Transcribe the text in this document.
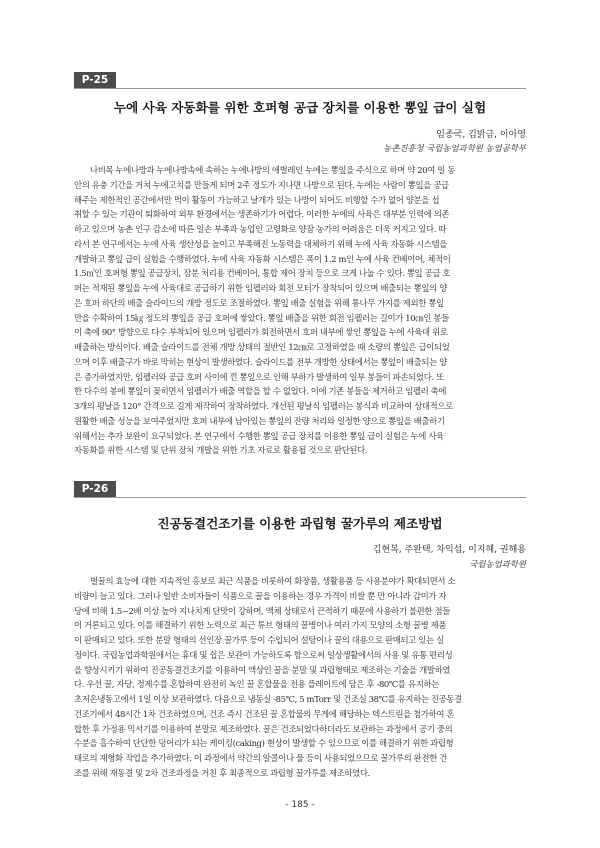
P-25
누에 사육 자동화를 위한 호퍼형 공급 장치를 이용한 뽕잎 급이 실험
임종국, 김밝금, 이아영
농촌진흥청 국립농업과학원 농업공학부
나비목 누에나방과 누에나방속에 속하는 누에나방의 애벌레인 누에는 뽕잎을 주식으로 하며 약 20여 일 동
안의 유충 기간을 거쳐 누에고치를 만들게 되며 2주 정도가 지나면 나방으로 된다. 누에는 사람이 뽕잎을 공급
해주는 제한적인 공간에서만 먹이 활동이 가능하고 날개가 있는 나방이 되어도 비행할 수가 없어 양분을 섭
취할 수 있는 기관이 퇴화하여 외부 환경에서는 생존하기가 어렵다. 이러한 누에의 사육은 대부분 인력에 의존
하고 있으며 농촌 인구 감소에 따른 일손 부족과 농업인 고령화로 양잠 농가의 어려움은 더욱 커지고 있다. 따
라서 본 연구에서는 누에 사육 생산성을 높이고 부족해진 노동력을 대체하기 위해 누에 사육 자동화 시스템을
개발하고 뽕잎 급이 실험을 수행하였다. 누에 사육 자동화 시스템은 폭이 1.2 m인 누에 사육 컨베이어, 체적이
1.5㎥인 호퍼형 뽕잎 공급장치, 잠분 처리용 컨베이어, 통합 제어 장치 등으로 크게 나눌 수 있다. 뽕잎 공급 호
퍼는 적재된 뽕잎을 누에 사육대로 공급하기 위한 임펠러와 회전 모터가 장착되어 있으며 배출되는 뽕잎의 양
은 호퍼 하단의 배출 슬라이드의 개방 정도로 조절하였다. 뽕잎 배출 실험을 위해 통나무 가지를 제외한 뽕잎
만을 수확하여 15㎏ 정도의 뽕잎을 공급 호퍼에 쌓았다. 뽕잎 배출을 위한 회전 임펠러는 길이가 10㎝인 봉들
이 축에 90° 방향으로 다수 부착되어 있으며 임펠러가 회전하면서 호퍼 내부에 쌓인 뽕잎을 누에 사육대 위로
배출하는 방식이다. 배출 슬라이드를 전체 개방 상태의 절반인 12㎝로 고정하였을 때 소량의 뽕잎은 급이되었
으며 이후 배출구가 바로 막히는 현상이 발생하였다. 슬라이드를 전부 개방한 상태에서는 뽕잎이 배출되는 양
은 증가하였지만, 임펠러와 공급 호퍼 사이에 낀 뽕잎으로 인해 부하가 발생하여 일부 봉들이 파손되었다. 또
한 다수의 봉에 뽕잎이 꽂히면서 임펠러가 배출 역할을 할 수 없었다. 이에 기존 봉들을 제거하고 임펠러 축에
3개의 평날을 120° 간격으로 길게 제작하여 장착하였다. 개선된 평날식 임펠러는 봉식과 비교하여 상대적으로
원활한 배출 성능을 보여주었지만 호퍼 내부에 남아있는 뽕잎의 잔량 처리와 일정한 양으로 뽕잎을 배출하기
위해서는 추가 보완이 요구되었다. 본 연구에서 수행한 뽕잎 공급 장치를 이용한 뽕잎 급이 실험은 누에 사육
자동화를 위한 시스템 및 단위 장치 개발을 위한 기초 자료로 활용될 것으로 판단된다.
P-26
진공동결건조기를 이용한 과립형 꿀가루의 제조방법
김현복, 주완택, 차익섭, 이지혜, 권해용
국립농업과학원
벌꿀의 효능에 대한 지속적인 홍보로 최근 식품을 비롯하여 화장품, 생활용품 등 사용분야가 확대되면서 소
비량이 늘고 있다. 그러나 일반 소비자들이 식품으로 꿀을 이용하는 경우 가격이 비쌀 뿐 만 아니라 감미가 자
당에 비해 1.5~2배 이상 높아 지나치게 단맛이 강하며, 액체 상태로서 끈적하기 때문에 사용하기 불편한 점들
이 거론되고 있다. 이를 해결하기 위한 노력으로 최근 튜브 형태의 꿀병이나 여러 가지 모양의 소형 꿀병 제품
이 판매되고 있다. 또한 분말 형태의 선인장 꿀가루 등이 수입되어 설탕이나 꿀의 대용으로 판매되고 있는 실
정이다. 국립농업과학원에서는 휴대 및 쉽은 보관이 가능하도록 함으로써 일상생활에서의 사용 및 유통 편리성
을 향상시키기 위하여 진공동결건조기를 이용하여 액상인 꿀을 분말 및 과립형태로 제조하는 기술을 개발하였
다. 우선 꿀, 자당, 정제수를 혼합하여 완전히 녹인 꿀 혼합물을 전용 플레이트에 담은 후 -80℃를 유지하는
초저온냉동고에서 1일 이상 보관하였다. 다음으로 냉동실 -85℃, 5 mTorr 및 건조실 38℃를 유지하는 진공동결
건조기에서 48시간 1차 건조하였으며, 건조 즉시 건조된 꿀 혼합물의 무게에 해당하는 덱스트린을 첨가하여 혼
합한 후 가정용 믹서기를 이용하여 분말로 제조하였다. 꿀은 건조되었다하더라도 보관하는 과정에서 공기 중의
수분을 흡수하여 단단한 덩어리가 되는 케이킹(caking) 현상이 발생할 수 있으므로 이를 해결하기 위한 과립형
태로의 재형화 작업을 추가하였다. 이 과정에서 약간의 알콜이나 물 등이 사용되었으므로 꿀가루의 완전한 건
조를 위해 재동결 및 2차 건조과정을 거친 후 최종적으로 과립형 꿀가루를 제조하였다.
- 185 -
